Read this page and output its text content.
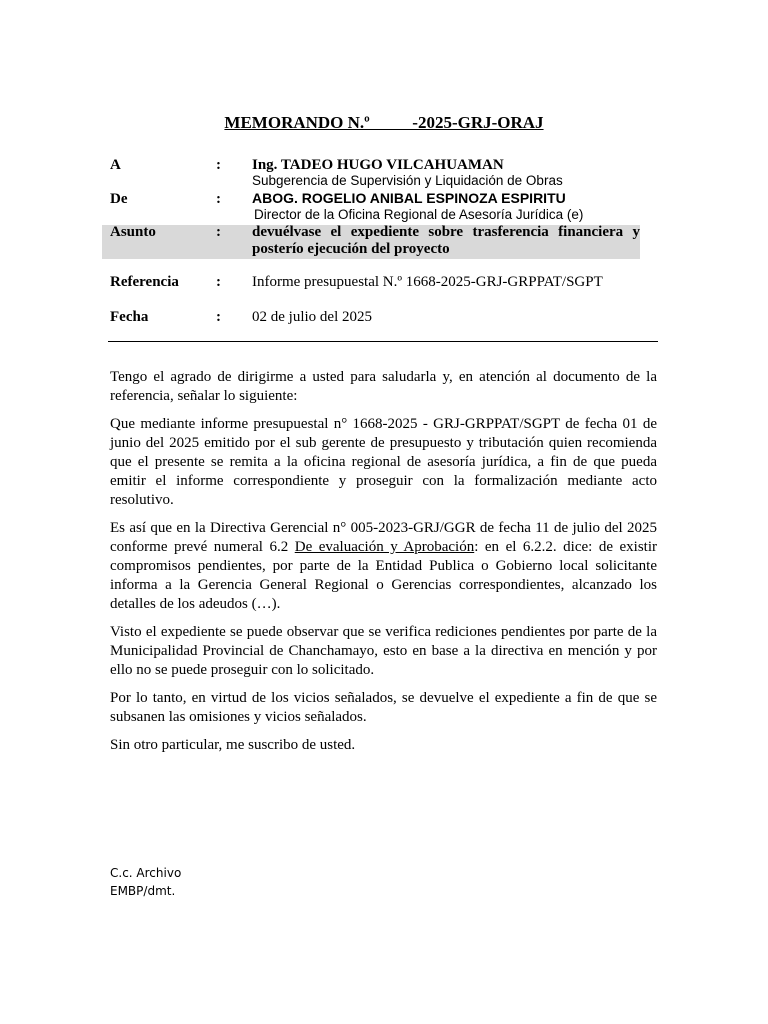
MEMORANDO N.º          -2025-GRJ-ORAJ
A	: Ing. TADEO HUGO VILCAHUAMAN
Subgerencia de Supervisión y Liquidación de Obras
De	: ABOG. ROGELIO ANIBAL ESPINOZA ESPIRITU
Director de la Oficina Regional de Asesoría Jurídica (e)
Asunto	: devuélvase el expediente sobre trasferencia financiera y posterío ejecución del proyecto
Referencia : Informe presupuestal N.º 1668-2025-GRJ-GRPPAT/SGPT
Fecha	: 02 de julio del 2025

Tengo el agrado de dirigirme a usted para saludarla y, en atención al documento de la referencia, señalar lo siguiente:

Que mediante informe presupuestal n° 1668-2025 - GRJ-GRPPAT/SGPT de fecha 01 de junio del 2025 emitido por el sub gerente de presupuesto y tributación quien recomienda que el presente se remita a la oficina regional de asesoría jurídica, a fin de que pueda emitir el informe correspondiente y proseguir con la formalización mediante acto resolutivo.

Es así que en la Directiva Gerencial n° 005-2023-GRJ/GGR de fecha 11 de julio del 2025 conforme prevé numeral 6.2 De evaluación y Aprobación: en el 6.2.2. dice: de existir compromisos pendientes, por parte de la Entidad Publica o Gobierno local solicitante informa a la Gerencia General Regional o Gerencias correspondientes, alcanzado los detalles de los adeudos (…).

Visto el expediente se puede observar que se verifica rediciones pendientes por parte de la Municipalidad Provincial de Chanchamayo, esto en base a la directiva en mención y por ello no se puede proseguir con lo solicitado.

Por lo tanto, en virtud de los vicios señalados, se devuelve el expediente a fin de que se subsanen las omisiones y vicios señalados.

Sin otro particular, me suscribo de usted.

C.c. Archivo
EMBP/dmt.
